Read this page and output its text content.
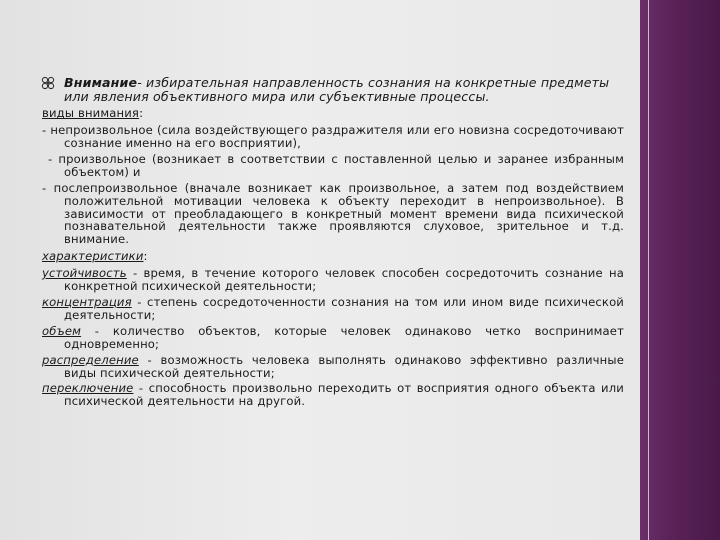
Внимание- избирательная направленность сознания на конкретные предметы или явления объективного мира или субъективные процессы.
виды внимания:
- непроизвольное (сила воздействующего раздражителя или его новизна сосредоточивают сознание именно на его восприятии),
- произвольное (возникает в соответствии с поставленной целью и заранее избранным объектом) и
- послепроизвольное (вначале возникает как произвольное, а затем под воздействием положительной мотивации человека к объекту переходит в непроизвольное). В зависимости от преобладающего в конкретный момент времени вида психической познавательной деятельности также проявляются слуховое, зрительное и т.д. внимание.
характеристики:
устойчивость - время, в течение которого человек способен сосредоточить сознание на конкретной психической деятельности;
концентрация - степень сосредоточенности сознания на том или ином виде психической деятельности;
объем - количество объектов, которые человек одинаково четко воспринимает одновременно;
распределение - возможность человека выполнять одинаково эффективно различные виды психической деятельности;
переключение - способность произвольно переходить от восприятия одного объекта или психической деятельности на другой.
